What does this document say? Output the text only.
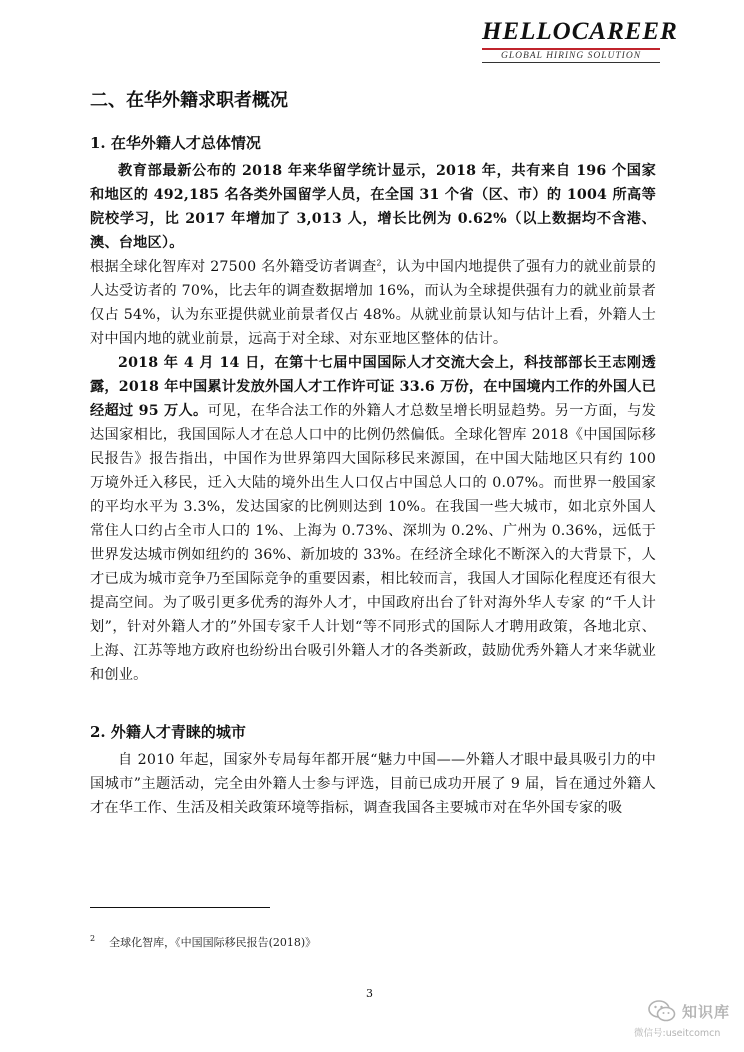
HELLOCAREER
GLOBAL HIRING SOLUTION
二、在华外籍求职者概况
1. 在华外籍人才总体情况

教育部最新公布的 2018 年来华留学统计显示，2018 年，共有来自 196 个国家和地区的 492,185 名各类外国留学人员，在全国 31 个省（区、市）的 1004 所高等院校学习，比 2017 年增加了 3,013 人，增长比例为 0.62%（以上数据均不含港、澳、台地区）。

根据全球化智库对 27500 名外籍受访者调查$^2$，认为中国内地提供了强有力的就业前景的人达受访者的 70%，比去年的调查数据增加 16%，而认为全球提供强有力的就业前景者仅占 54%，认为东亚提供就业前景者仅占 48%。从就业前景认知与估计上看，外籍人士对中国内地的就业前景，远高于对全球、对东亚地区整体的估计。

2018 年 4 月 14 日，在第十七届中国国际人才交流大会上，科技部部长王志刚透露，2018 年中国累计发放外国人才工作许可证 33.6 万份，在中国境内工作的外国人已经超过 95 万人。可见，在华合法工作的外籍人才总数呈增长明显趋势。另一方面，与发达国家相比，我国国际人才在总人口中的比例仍然偏低。全球化智库 2018《中国国际移民报告》报告指出，中国作为世界第四大国际移民来源国，在中国大陆地区只有约 100 万境外迁入移民，迁入大陆的境外出生人口仅占中国总人口的 0.07%。而世界一般国家的平均水平为 3.3%，发达国家的比例则达到 10%。在我国一些大城市，如北京外国人常住人口约占全市人口的 1%、上海为 0.73%、深圳为 0.2%、广州为 0.36%，远低于世界发达城市例如纽约的 36%、新加坡的 33%。在经济全球化不断深入的大背景下，人才已成为城市竞争乃至国际竞争的重要因素，相比较而言，我国人才国际化程度还有很大提高空间。为了吸引更多优秀的海外人才，中国政府出台了针对海外华人专家 的“千人计划”，针对外籍人才的”外国专家千人计划“等不同形式的国际人才聘用政策，各地北京、上海、江苏等地方政府也纷纷出台吸引外籍人才的各类新政，鼓励优秀外籍人才来华就业和创业。

2. 外籍人才青睐的城市

自 2010 年起，国家外专局每年都开展“魅力中国——外籍人才眼中最具吸引力的中国城市”主题活动，完全由外籍人士参与评选，目前已成功开展了 9 届，旨在通过外籍人才在华工作、生活及相关政策环境等指标，调查我国各主要城市对在华外国专家的吸

$^2$ 全球化智库，《中国国际移民报告(2018)》
3
知识库
微信号:useitcomcn
